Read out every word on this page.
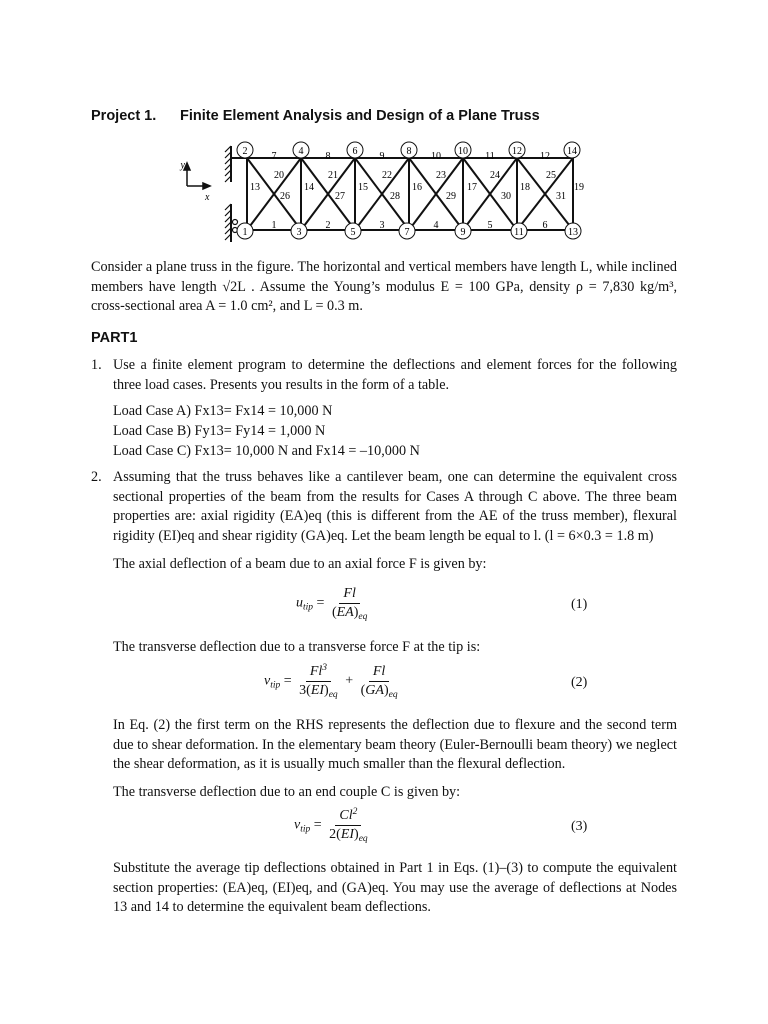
Project 1. Finite Element Analysis and Design of a Plane Truss
y
x
2	4	6	8	10	12	14
1	3	5	7	9	11	13
7	8	9	10	11	12
1	2	3	4	5	6
13	14	15	16	17	18	19
20	21	22	23	24	25
26	27	28	29	30	31
Consider a plane truss in the figure. The horizontal and vertical members have length L, while inclined members have length √2L . Assume the Young’s modulus E = 100 GPa, density ρ = 7,830 kg/m³, cross-sectional area A = 1.0 cm², and L = 0.3 m.
PART1
1. Use a finite element program to determine the deflections and element forces for the following three load cases. Presents you results in the form of a table.
Load Case A) Fx13= Fx14 = 10,000 N
Load Case B) Fy13= Fy14 = 1,000 N
Load Case C) Fx13= 10,000 N and Fx14 = –10,000 N
2. Assuming that the truss behaves like a cantilever beam, one can determine the equivalent cross sectional properties of the beam from the results for Cases A through C above. The three beam properties are: axial rigidity (EA)eq (this is different from the AE of the truss member), flexural rigidity (EI)eq and shear rigidity (GA)eq. Let the beam length be equal to l. (l = 6×0.3 = 1.8 m)
The axial deflection of a beam due to an axial force F is given by:
$u_{tip} = \frac{Fl}{(EA)_{eq}}$	(1)
The transverse deflection due to a transverse force F at the tip is:
$v_{tip} = \frac{Fl^3}{3(EI)_{eq}} + \frac{Fl}{(GA)_{eq}}$	(2)
In Eq. (2) the first term on the RHS represents the deflection due to flexure and the second term due to shear deformation. In the elementary beam theory (Euler-Bernoulli beam theory) we neglect the shear deformation, as it is usually much smaller than the flexural deflection.
The transverse deflection due to an end couple C is given by:
$v_{tip} = \frac{Cl^2}{2(EI)_{eq}}$	(3)
Substitute the average tip deflections obtained in Part 1 in Eqs. (1)–(3) to compute the equivalent section properties: (EA)eq, (EI)eq, and (GA)eq. You may use the average of deflections at Nodes 13 and 14 to determine the equivalent beam deflections.
